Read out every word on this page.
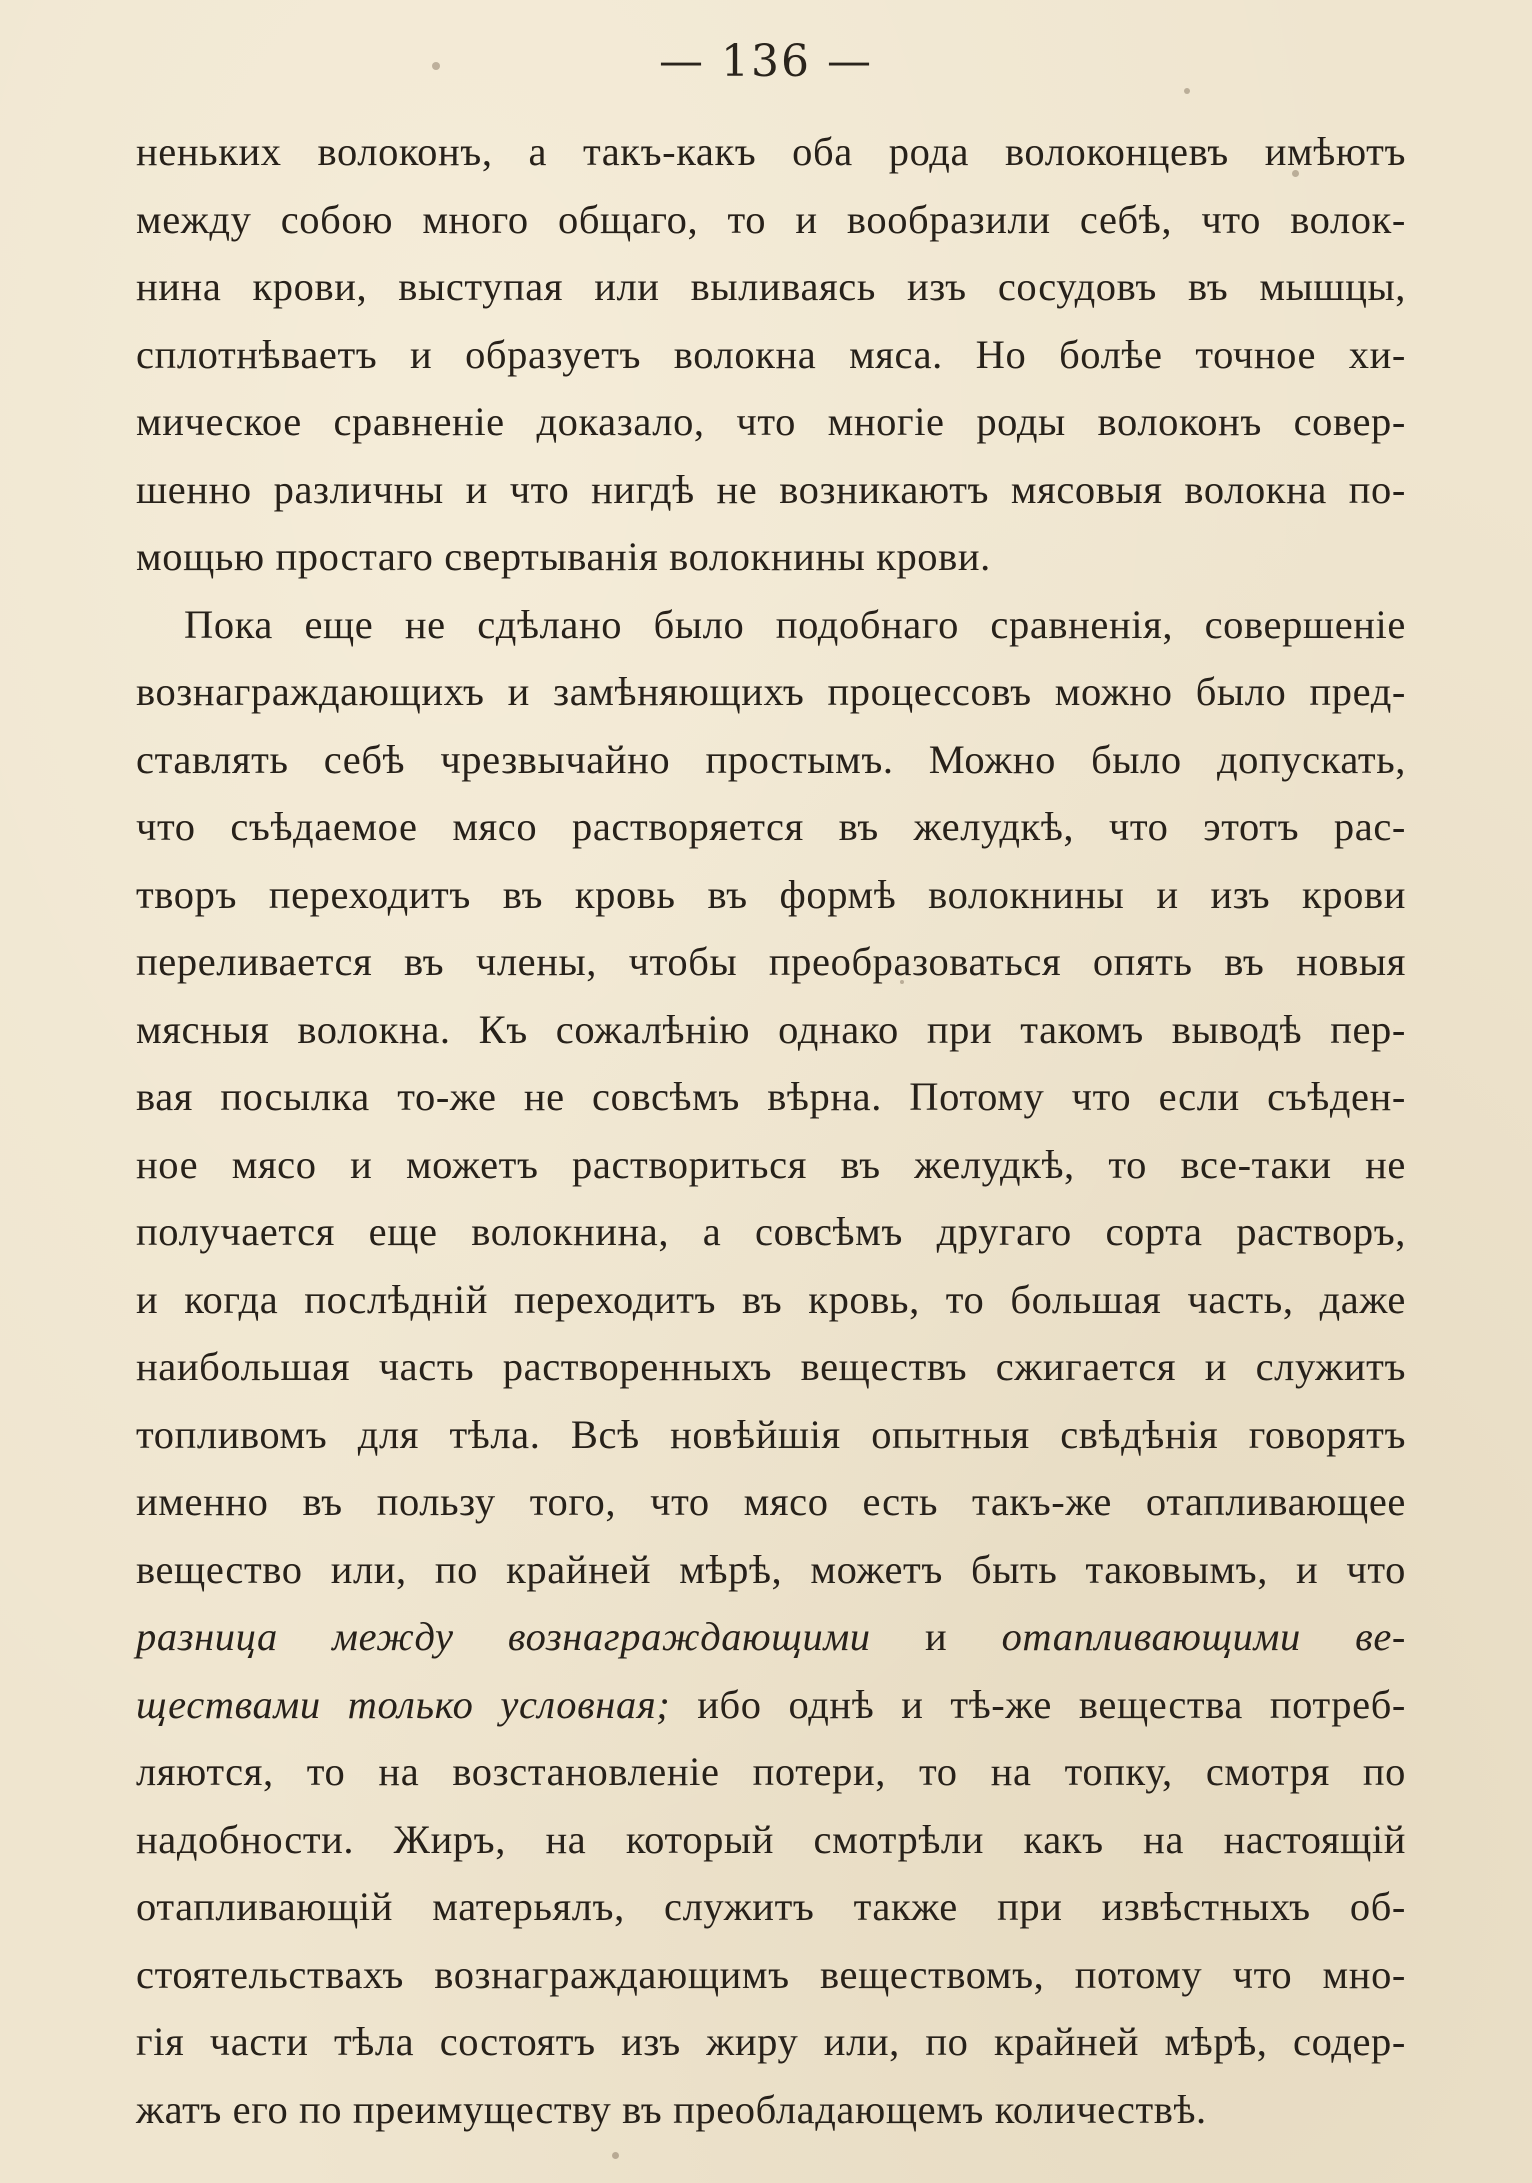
— 136 —
неньких волоконъ, а такъ-какъ оба рода волоконцевъ имѣютъ
между собою много общаго, то и вообразили себѣ, что волок-
нина крови, выступая или выливаясь изъ сосудовъ въ мышцы,
сплотнѣваетъ и образуетъ волокна мяса. Но болѣе точное хи-
мическое сравненіе доказало, что многіе роды волоконъ совер-
шенно различны и что нигдѣ не возникаютъ мясовыя волокна по-
мощью простаго свертыванія волокнины крови.
Пока еще не сдѣлано было подобнаго сравненія, совершеніе
вознаграждающихъ и замѣняющихъ процессовъ можно было пред-
ставлять себѣ чрезвычайно простымъ. Можно было допускать,
что съѣдаемое мясо растворяется въ желудкѣ, что этотъ рас-
творъ переходитъ въ кровь въ формѣ волокнины и изъ крови
переливается въ члены, чтобы преобразоваться опять въ новыя
мясныя волокна. Къ сожалѣнію однако при такомъ выводѣ пер-
вая посылка то-же не совсѣмъ вѣрна. Потому что если съѣден-
ное мясо и можетъ раствориться въ желудкѣ, то все-таки не
получается еще волокнина, а совсѣмъ другаго сорта растворъ,
и когда послѣдній переходитъ въ кровь, то большая часть, даже
наибольшая часть растворенныхъ веществъ сжигается и служитъ
топливомъ для тѣла. Всѣ новѣйшія опытныя свѣдѣнія говорятъ
именно въ пользу того, что мясо есть такъ-же отапливающее
вещество или, по крайней мѣрѣ, можетъ быть таковымъ, и что
разница между вознаграждающими и отапливающими ве-
ществами только условная; ибо однѣ и тѣ-же вещества потреб-
ляются, то на возстановленіе потери, то на топку, смотря по
надобности. Жиръ, на который смотрѣли какъ на настоящій
отапливающій матерьялъ, служитъ также при извѣстныхъ об-
стоятельствахъ вознаграждающимъ веществомъ, потому что мно-
гія части тѣла состоятъ изъ жиру или, по крайней мѣрѣ, содер-
жатъ его по преимуществу въ преобладающемъ количествѣ.
